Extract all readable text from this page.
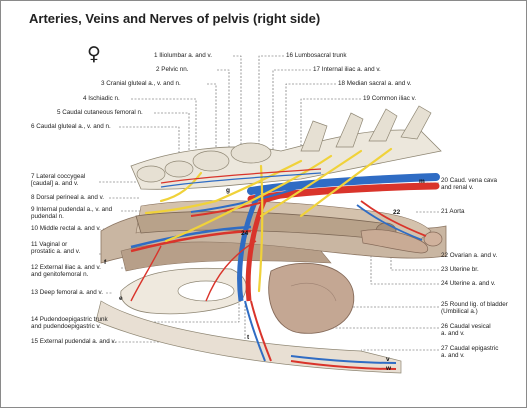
Arteries, Veins and Nerves of pelvis (right side)
♀	1 Iliolumbar a. and v.
2 Pelvic nn.
3 Cranial gluteal a., v. and n.
4 Ischiadic n.
5 Caudal cutaneous femoral n.
6 Caudal gluteal a., v. and n.
7 Lateral coccygeal
[caudal] a. and v.
8 Dorsal perineal a. and v.
9 Internal pudendal a., v. and
pudendal n.
10 Middle rectal a. and v.
11 Vaginal or
prostatic a. and v.
12 External iliac a. and v.
and genitofemoral n.
13 Deep femoral a. and v.
14 Pudendoepigastric trunk
and pudendoepigastric v.
15 External pudendal a. and v.
16 Lumbosacral trunk
17 Internal iliac a. and v.
18 Median sacral a. and v.
19 Common iliac v.
20 Caud. vena cava
and renal v.
21 Aorta
22 Ovarian a. and v.
23 Uterine br.
24 Uterine a. and v.
25 Round lig. of bladder
(Umbilical a.)
26 Caudal vesical
a. and v.
27 Caudal epigastric
a. and v.
22
24
v
w
m
f
e
t
g
